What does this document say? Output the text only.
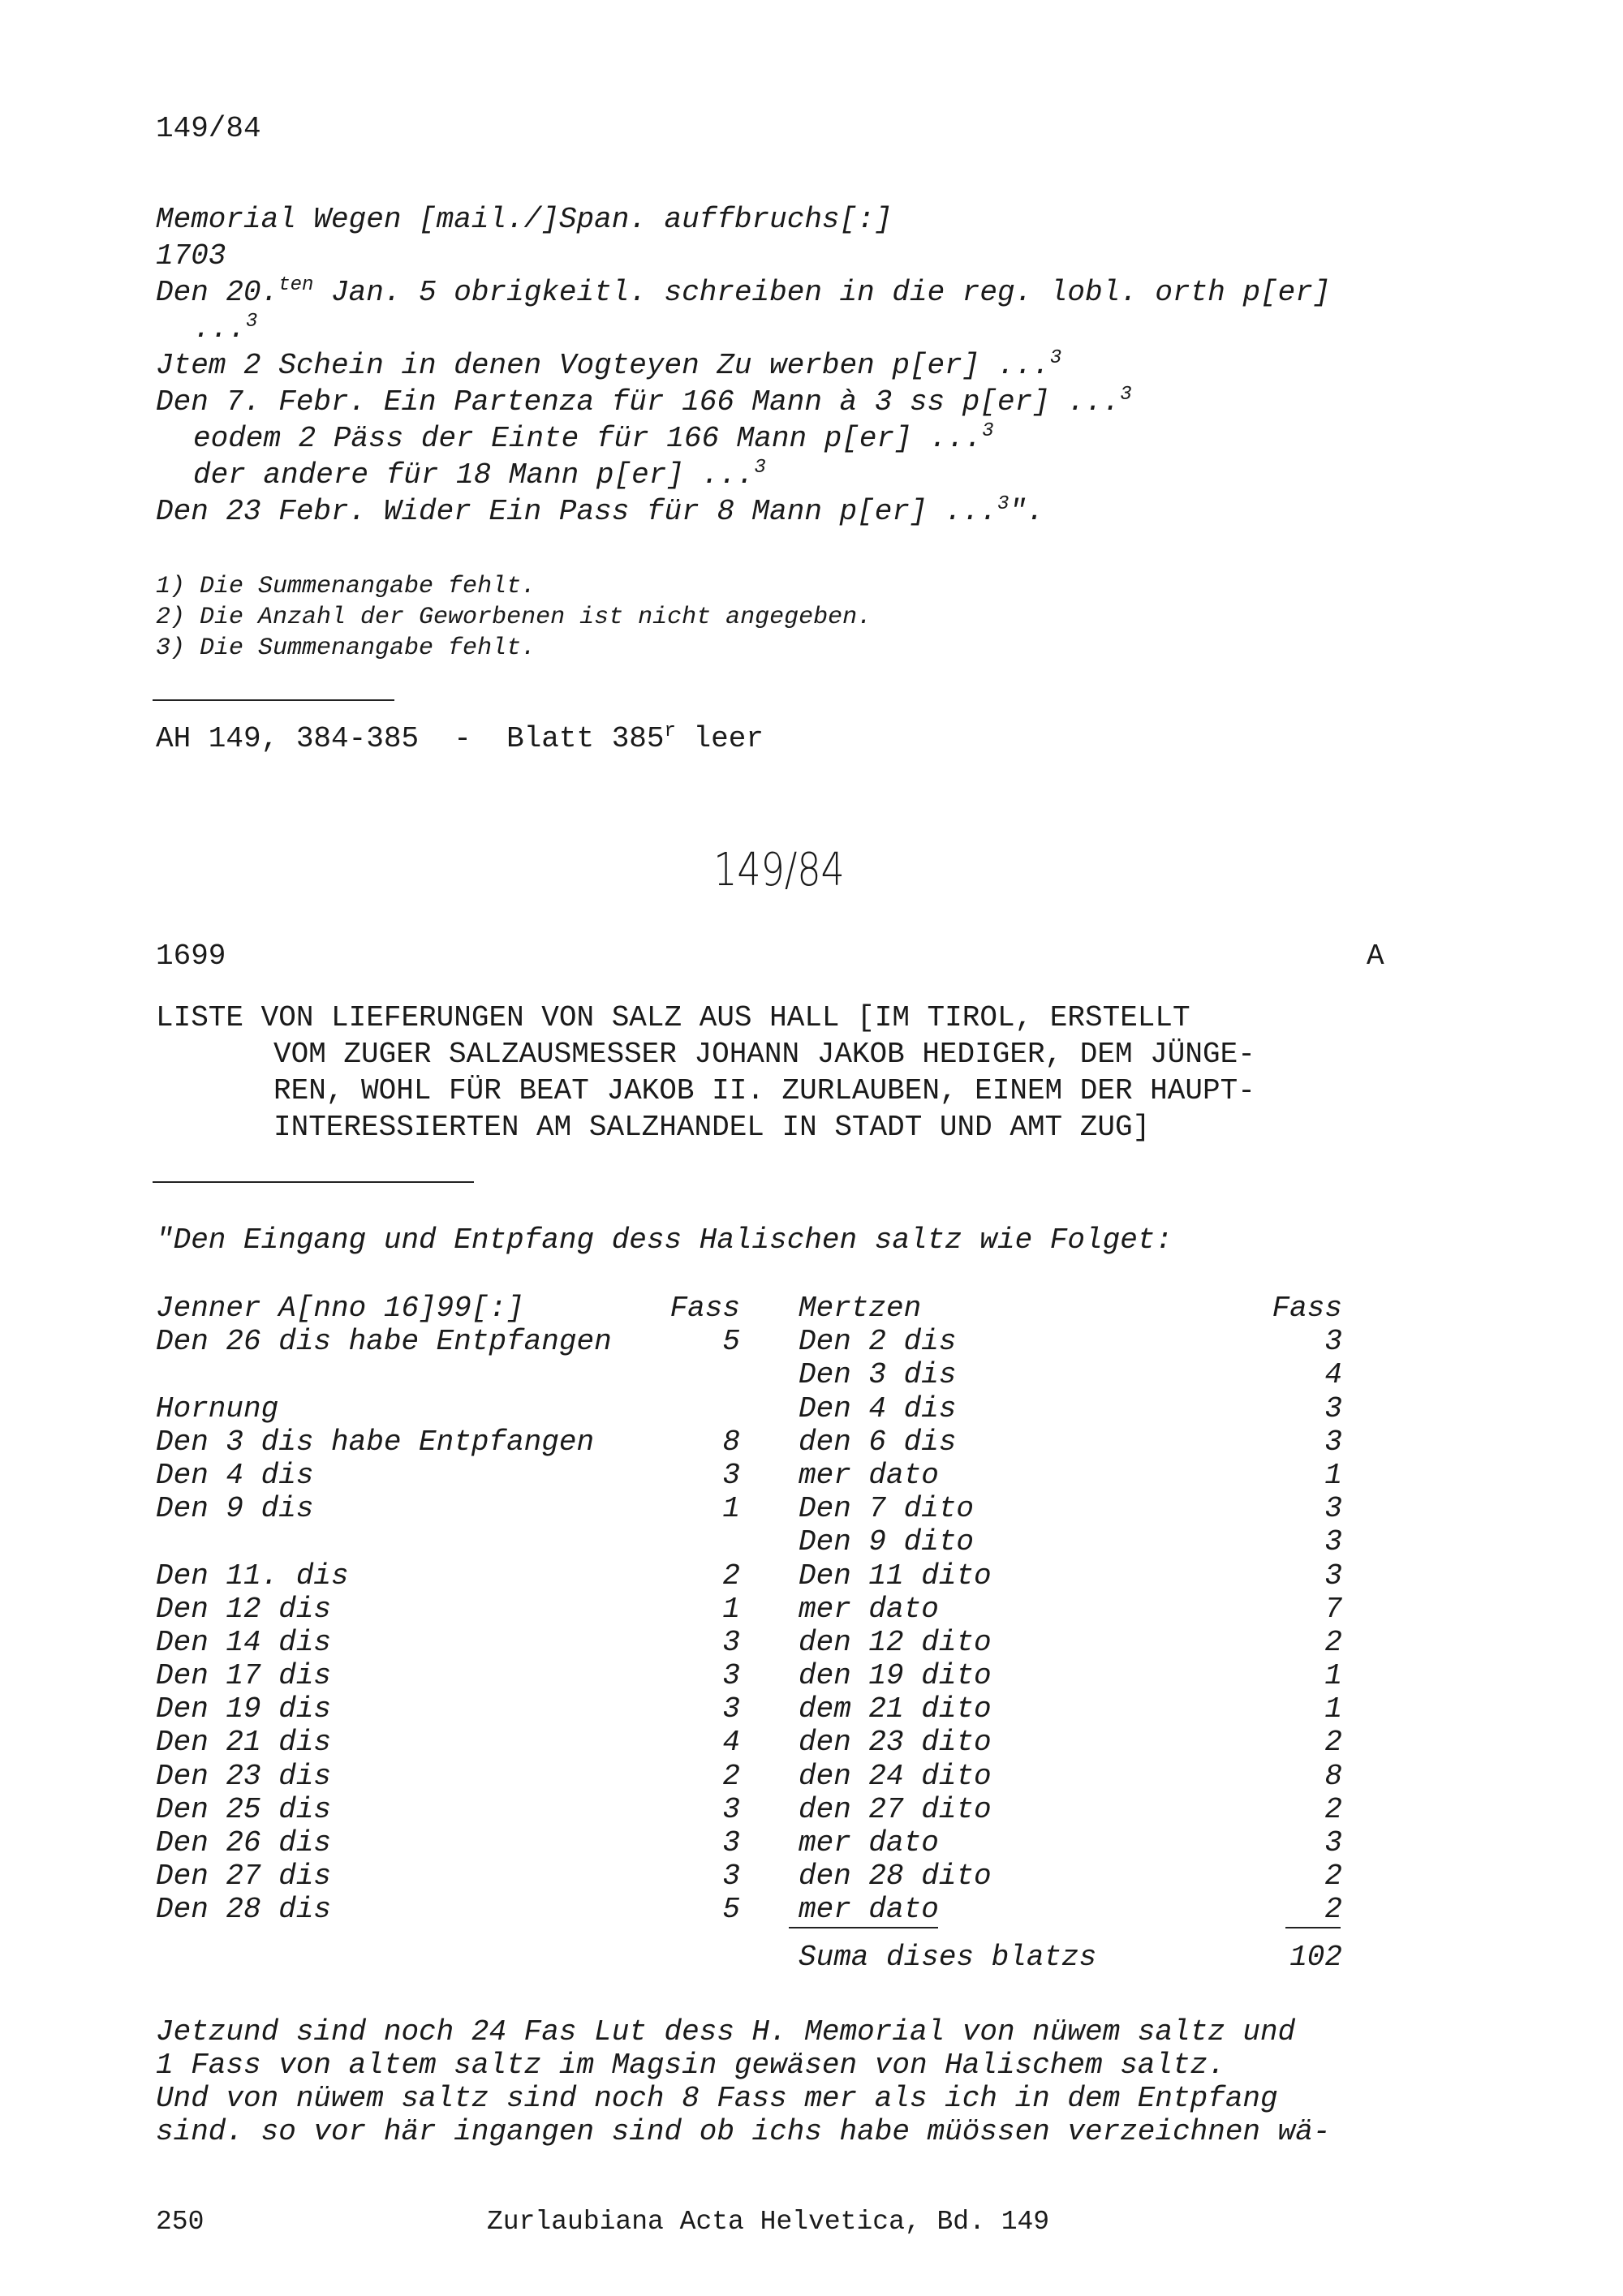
149/84
Memorial Wegen [mail./]Span. auffbruchs[:]
1703
Den 20.$^{ten}$ Jan. 5 obrigkeitl. schreiben in die reg. lobl. orth p[er]
...$^3$
Jtem 2 Schein in denen Vogteyen Zu werben p[er] ...$^3$
Den 7. Febr. Ein Partenza für 166 Mann à 3 ss p[er] ...$^3$
eodem 2 Päss der Einte für 166 Mann p[er] ...$^3$
der andere für 18 Mann p[er] ...$^3$
Den 23 Febr. Wider Ein Pass für 8 Mann p[er] ...$^3$".
1) Die Summenangabe fehlt.
2) Die Anzahl der Geworbenen ist nicht angegeben.
3) Die Summenangabe fehlt.
AH 149, 384-385  -  Blatt 385$^r$ leer
149/84
1699	A
LISTE VON LIEFERUNGEN VON SALZ AUS HALL [IM TIROL, ERSTELLT
VOM ZUGER SALZAUSMESSER JOHANN JAKOB HEDIGER, DEM JÜNGE-
REN, WOHL FÜR BEAT JAKOB II. ZURLAUBEN, EINEM DER HAUPT-
INTERESSIERTEN AM SALZHANDEL IN STADT UND AMT ZUG]
"Den Eingang und Entpfang dess Halischen saltz wie Folget:
Jenner A[nno 16]99[:]	Fass
Den 26 dis habe Entpfangen	5
Hornung
Den 3 dis habe Entpfangen	8
Den 4 dis	3
Den 9 dis	1
Den 11. dis	2
Den 12 dis	1
Den 14 dis	3
Den 17 dis	3
Den 19 dis	3
Den 21 dis	4
Den 23 dis	2
Den 25 dis	3
Den 26 dis	3
Den 27 dis	3
Den 28 dis	5
Mertzen	Fass
Den 2 dis	3
Den 3 dis	4
Den 4 dis	3
den 6 dis	3
mer dato	1
Den 7 dito	3
Den 9 dito	3
Den 11 dito	3
mer dato	7
den 12 dito	2
den 19 dito	1
dem 21 dito	1
den 23 dito	2
den 24 dito	8
den 27 dito	2
mer dato	3
den 28 dito	2
mer dato	2
Suma dises blatzs	102
Jetzund sind noch 24 Fas Lut dess H. Memorial von nüwem saltz und
1 Fass von altem saltz im Magsin gewäsen von Halischem saltz.
Und von nüwem saltz sind noch 8 Fass mer als ich in dem Entpfang
sind. so vor här ingangen sind ob ichs habe müössen verzeichnen wä-
250	Zurlaubiana Acta Helvetica, Bd. 149
